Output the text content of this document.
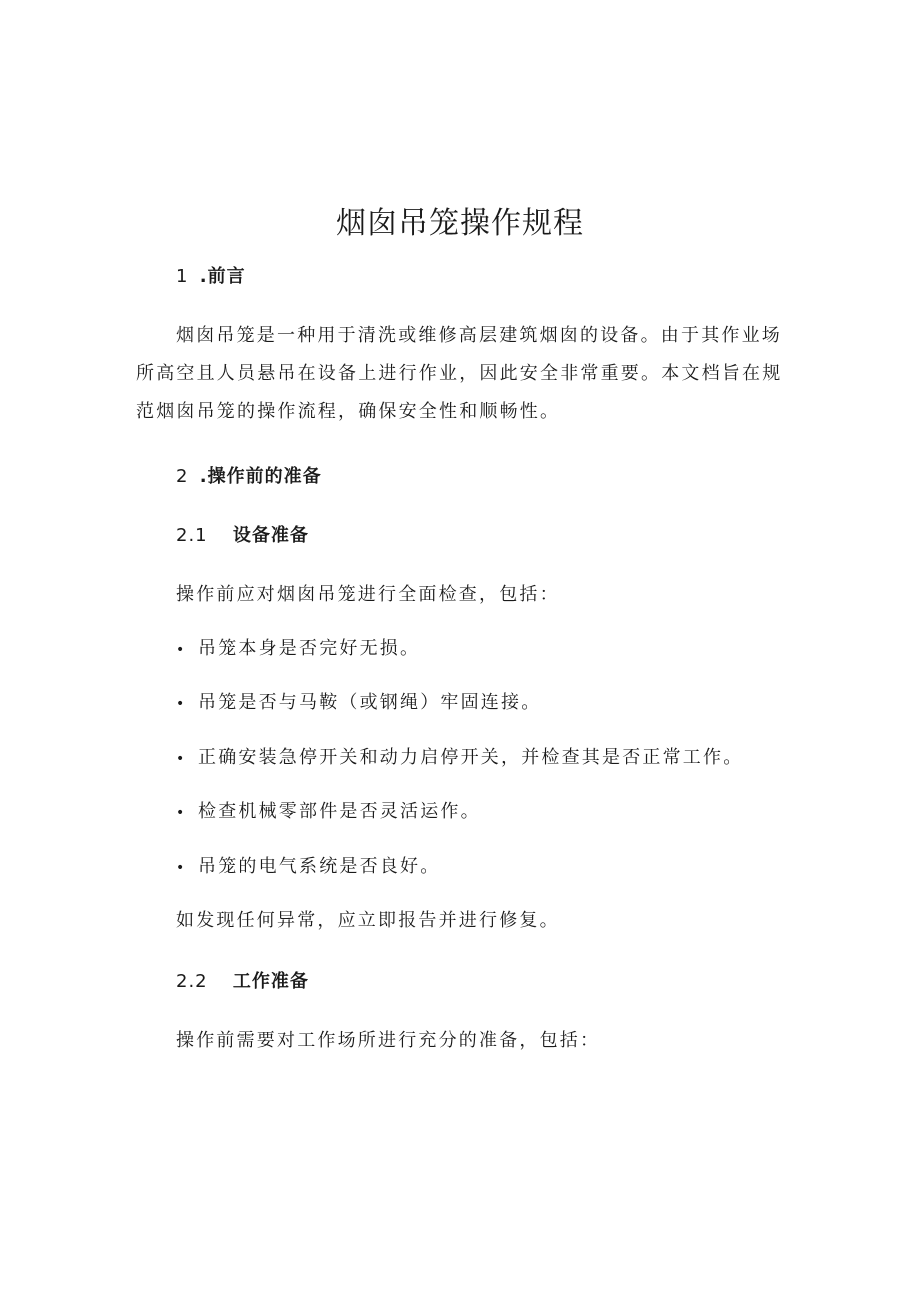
烟囱吊笼操作规程
1 .前言
烟囱吊笼是一种用于清洗或维修高层建筑烟囱的设备。由于其作业场所高空且人员悬吊在设备上进行作业，因此安全非常重要。本文档旨在规范烟囱吊笼的操作流程，确保安全性和顺畅性。
2 .操作前的准备
2.1 设备准备
操作前应对烟囱吊笼进行全面检查，包括：
• 吊笼本身是否完好无损。
• 吊笼是否与马鞍（或钢绳）牢固连接。
• 正确安装急停开关和动力启停开关，并检查其是否正常工作。
• 检查机械零部件是否灵活运作。
• 吊笼的电气系统是否良好。
如发现任何异常，应立即报告并进行修复。
2.2 工作准备
操作前需要对工作场所进行充分的准备，包括：
